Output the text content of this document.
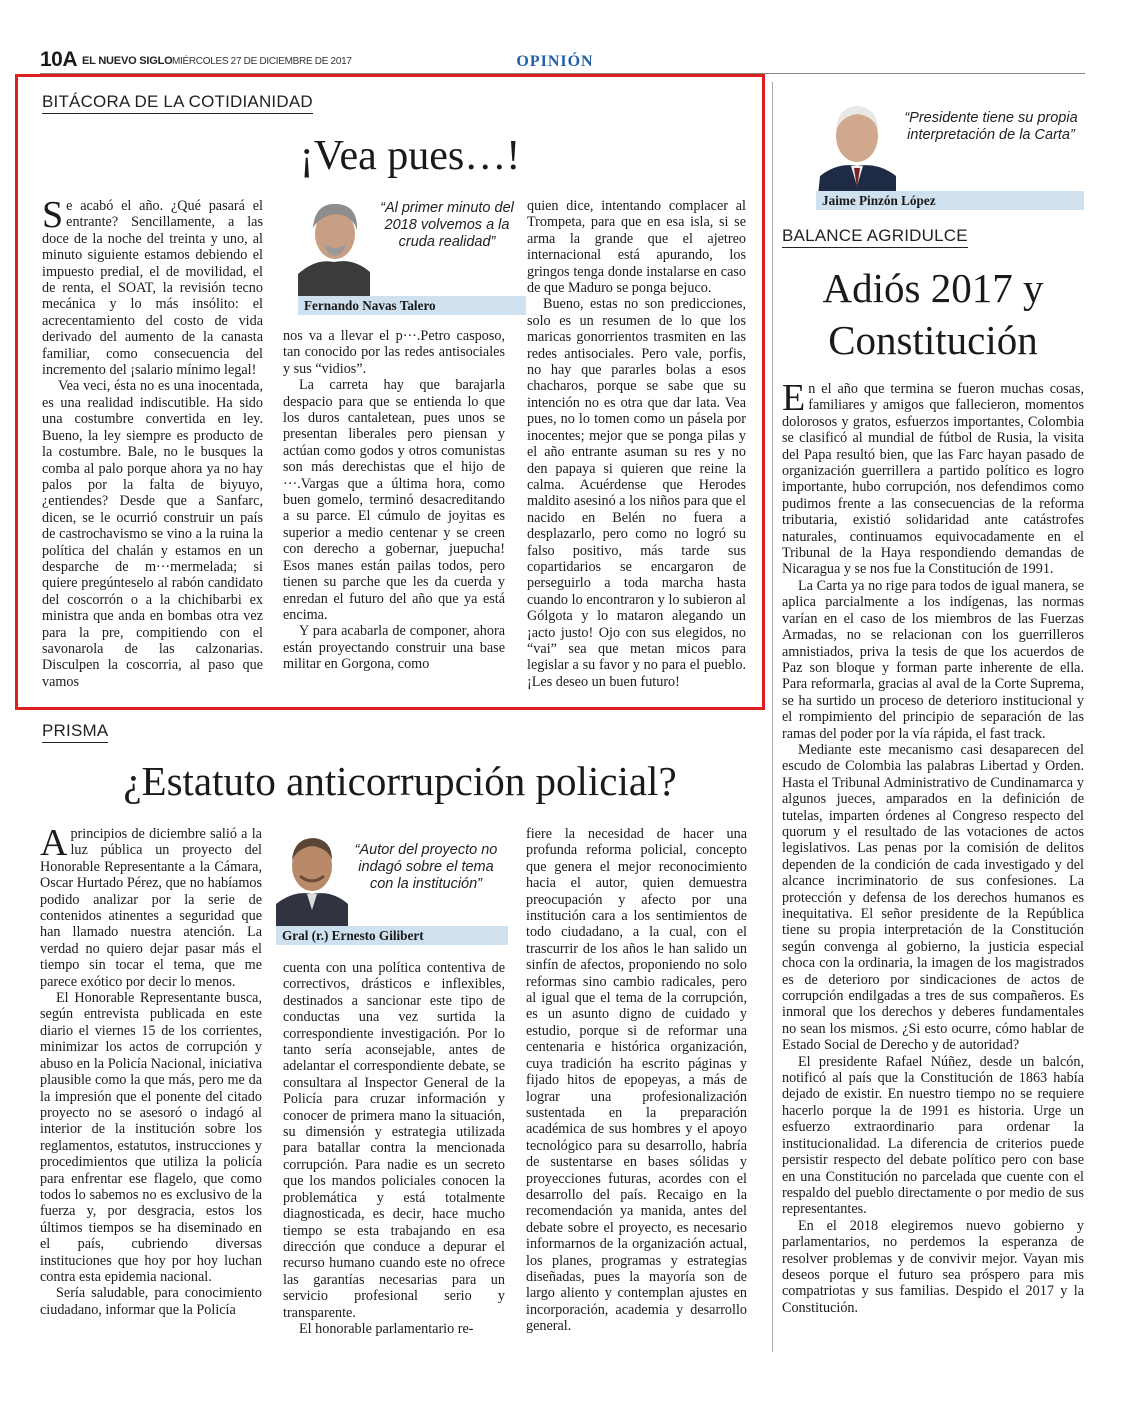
10A EL NUEVO SIGLO MIÉRCOLES 27 DE DICIEMBRE DE 2017	OPINIÓN
BITÁCORA DE LA COTIDIANIDAD
¡Vea pues…!

Se acabó el año. ¿Qué pasará el entrante? Sencillamente, a las doce de la noche del treinta y uno, al minuto siguiente estamos debiendo el impuesto predial, el de movilidad, el de renta, el SOAT, la revisión tecno mecánica y lo más insólito: el acrecentamiento del costo de vida derivado del aumento de la canasta familiar, como consecuencia del incremento del ¡salario mínimo legal!

Vea veci, ésta no es una inocentada, es una realidad indiscutible. Ha sido una costumbre convertida en ley. Bueno, la ley siempre es producto de la costumbre. Bale, no le busques la comba al palo porque ahora ya no hay palos por la falta de biyuyo, ¿entiendes? Desde que a Sanfarc, dicen, se le ocurrió construir un país de castrochavismo se vino a la ruina la política del chalán y estamos en un desparche de m···mermelada; si quiere pregúnteselo al rabón candidato del coscorrón o a la chichibarbi ex ministra que anda en bombas otra vez para la pre, compitiendo con el savonarola de las calzonarias. Disculpen la coscorria, al paso que vamos

“Al primer minuto del 2018 volvemos a la cruda realidad”
Fernando Navas Talero

nos va a llevar el p···.Petro casposo, tan conocido por las redes antisociales y sus “vidios”.

La carreta hay que barajarla despacio para que se entienda lo que los duros cantaletean, pues unos se presentan liberales pero piensan y actúan como godos y otros comunistas son más derechistas que el hijo de ···.Vargas que a última hora, como buen gomelo, terminó desacreditando a su parce. El cúmulo de joyitas es superior a medio centenar y se creen con derecho a gobernar, juepucha! Esos manes están pailas todos, pero tienen su parche que les da cuerda y enredan el futuro del año que ya está encima.

Y para acabarla de componer, ahora están proyectando construir una base militar en Gorgona, como

quien dice, intentando complacer al Trompeta, para que en esa isla, si se arma la grande que el ajetreo internacional está apurando, los gringos tenga donde instalarse en caso de que Maduro se ponga bejuco.

Bueno, estas no son predicciones, solo es un resumen de lo que los maricas gonorrientos trasmiten en las redes antisociales. Pero vale, porfis, no hay que pararles bolas a esos chacharos, porque se sabe que su intención no es otra que dar lata. Vea pues, no lo tomen como un pásela por inocentes; mejor que se ponga pilas y el año entrante asuman su res y no den papaya si quieren que reine la calma. Acuérdense que Herodes maldito asesinó a los niños para que el nacido en Belén no fuera a desplazarlo, pero como no logró su falso positivo, más tarde sus copartidarios se encargaron de perseguirlo a toda marcha hasta cuando lo encontraron y lo subieron al Gólgota y lo mataron alegando un ¡acto justo! Ojo con sus elegidos, no “vai” sea que metan micos para legislar a su favor y no para el pueblo. ¡Les deseo un buen futuro!

PRISMA
¿Estatuto anticorrupción policial?

A principios de diciembre salió a la luz pública un proyecto del Honorable Representante a la Cámara, Oscar Hurtado Pérez, que no habíamos podido analizar por la serie de contenidos atinentes a seguridad que han llamado nuestra atención. La verdad no quiero dejar pasar más el tiempo sin tocar el tema, que me parece exótico por decir lo menos.

El Honorable Representante busca, según entrevista publicada en este diario el viernes 15 de los corrientes, minimizar los actos de corrupción y abuso en la Policía Nacional, iniciativa plausible como la que más, pero me da la impresión que el ponente del citado proyecto no se asesoró o indagó al interior de la institución sobre los reglamentos, estatutos, instrucciones y procedimientos que utiliza la policía para enfrentar ese flagelo, que como todos lo sabemos no es exclusivo de la fuerza y, por desgracia, estos los últimos tiempos se ha diseminado en el país, cubriendo diversas instituciones que hoy por hoy luchan contra esta epidemia nacional.

Sería saludable, para conocimiento ciudadano, informar que la Policía

“Autor del proyecto no indagó sobre el tema con la institución”
Gral (r.) Ernesto Gilibert

cuenta con una política contentiva de correctivos, drásticos e inflexibles, destinados a sancionar este tipo de conductas una vez surtida la correspondiente investigación. Por lo tanto sería aconsejable, antes de adelantar el correspondiente debate, se consultara al Inspector General de la Policía para cruzar información y conocer de primera mano la situación, su dimensión y estrategia utilizada para batallar contra la mencionada corrupción. Para nadie es un secreto que los mandos policiales conocen la problemática y está totalmente diagnosticada, es decir, hace mucho tiempo se esta trabajando en esa dirección que conduce a depurar el recurso humano cuando este no ofrece las garantías necesarias para un servicio profesional serio y transparente.

El honorable parlamentario re-

fiere la necesidad de hacer una profunda reforma policial, concepto que genera el mejor reconocimiento hacia el autor, quien demuestra preocupación y afecto por una institución cara a los sentimientos de todo ciudadano, a la cual, con el trascurrir de los años le han salido un sinfín de afectos, proponiendo no solo reformas sino cambio radicales, pero al igual que el tema de la corrupción, es un asunto digno de cuidado y estudio, porque si de reformar una centenaria e histórica organización, cuya tradición ha escrito páginas y fijado hitos de epopeyas, a más de lograr una profesionalización sustentada en la preparación académica de sus hombres y el apoyo tecnológico para su desarrollo, habría de sustentarse en bases sólidas y proyecciones futuras, acordes con el desarrollo del país. Recaigo en la recomendación ya manida, antes del debate sobre el proyecto, es necesario informarnos de la organización actual, los planes, programas y estrategias diseñadas, pues la mayoría son de largo aliento y contemplan ajustes en incorporación, academia y desarrollo general.

“Presidente tiene su propia interpretación de la Carta”
Jaime Pinzón López
BALANCE AGRIDULCE
Adiós 2017 y
Constitución

En el año que termina se fueron muchas cosas, familiares y amigos que fallecieron, momentos dolorosos y gratos, esfuerzos importantes, Colombia se clasificó al mundial de fútbol de Rusia, la visita del Papa resultó bien, que las Farc hayan pasado de organización guerrillera a partido político es logro importante, hubo corrupción, nos defendimos como pudimos frente a las consecuencias de la reforma tributaria, existió solidaridad ante catástrofes naturales, continuamos equivocadamente en el Tribunal de la Haya respondiendo demandas de Nicaragua y se nos fue la Constitución de 1991.

La Carta ya no rige para todos de igual manera, se aplica parcialmente a los indígenas, las normas varían en el caso de los miembros de las Fuerzas Armadas, no se relacionan con los guerrilleros amnistiados, priva la tesis de que los acuerdos de Paz son bloque y forman parte inherente de ella. Para reformarla, gracias al aval de la Corte Suprema, se ha surtido un proceso de deterioro institucional y el rompimiento del principio de separación de las ramas del poder por la vía rápida, el fast track.

Mediante este mecanismo casi desaparecen del escudo de Colombia las palabras Libertad y Orden. Hasta el Tribunal Administrativo de Cundinamarca y algunos jueces, amparados en la definición de tutelas, imparten órdenes al Congreso respecto del quorum y el resultado de las votaciones de actos legislativos. Las penas por la comisión de delitos dependen de la condición de cada investigado y del alcance incriminatorio de sus confesiones. La protección y defensa de los derechos humanos es inequitativa. El señor presidente de la República tiene su propia interpretación de la Constitución según convenga al gobierno, la justicia especial choca con la ordinaria, la imagen de los magistrados es de deterioro por sindicaciones de actos de corrupción endilgadas a tres de sus compañeros. Es inmoral que los derechos y deberes fundamentales no sean los mismos. ¿Si esto ocurre, cómo hablar de Estado Social de Derecho y de autoridad?

El presidente Rafael Núñez, desde un balcón, notificó al país que la Constitución de 1863 había dejado de existir. En nuestro tiempo no se requiere hacerlo porque la de 1991 es historia. Urge un esfuerzo extraordinario para ordenar la institucionalidad. La diferencia de criterios puede persistir respecto del debate político pero con base en una Constitución no parcelada que cuente con el respaldo del pueblo directamente o por medio de sus representantes.

En el 2018 elegiremos nuevo gobierno y parlamentarios, no perdemos la esperanza de resolver problemas y de convivir mejor. Vayan mis deseos porque el futuro sea próspero para mis compatriotas y sus familias. Despido el 2017 y la Constitución.
